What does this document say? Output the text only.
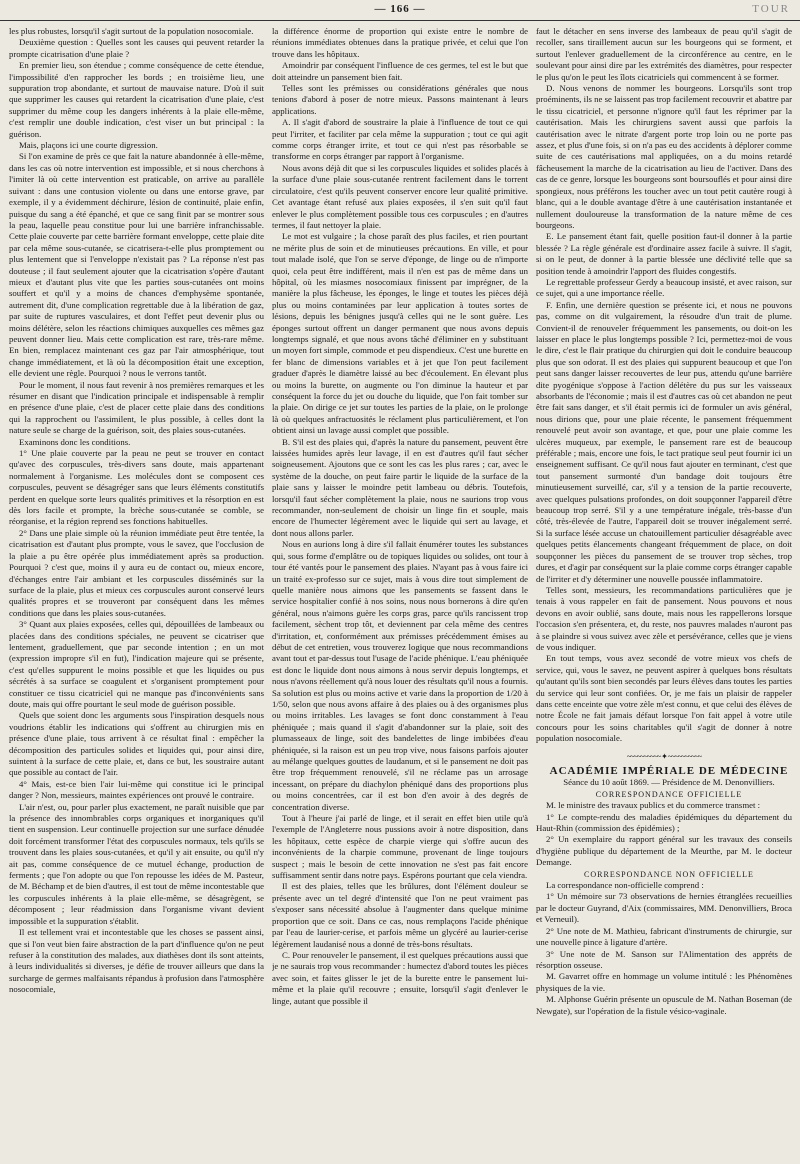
— 166 —	TOUR

les plus robustes, lorsqu'il s'agit surtout de la population nosocomiale.

Deuxième question : Quelles sont les causes qui peuvent retarder la prompte cicatrisation d'une plaie ?

En premier lieu, son étendue ; comme conséquence de cette étendue, l'impossibilité d'en rapprocher les bords ; en troisième lieu, une suppuration trop abondante, et surtout de mauvaise nature. D'où il suit que supprimer les causes qui retardent la cicatrisation d'une plaie, c'est supprimer du même coup les dangers inhérents à la plaie elle-même, c'est remplir une double indication, c'est viser un but principal : la guérison.

Mais, plaçons ici une courte digression.

Si l'on examine de près ce que fait la nature abandonnée à elle-même, dans les cas où notre intervention est impossible, et si nous cherchons à l'imiter là où cette intervention est praticable, on arrive au parallèle suivant : dans une contusion violente ou dans une entorse grave, par exemple, il y a évidemment déchirure, lésion de continuité, plaie enfin, puisque du sang a été épanché, et que ce sang finit par se montrer sous la peau, laquelle peau constitue pour lui une barrière infranchissable. Cette plaie couverte par cette barrière formant enveloppe, cette plaie dite par cela même sous-cutanée, se cicatrisera-t-elle plus promptement ou plus lentement que si l'enveloppe n'existait pas ? La réponse n'est pas douteuse ; il faut seulement ajouter que la cicatrisation s'opère d'autant mieux et d'autant plus vite que les parties sous-cutanées ont moins souffert et qu'il y a moins de chances d'emphysème spontanée, autrement dit, d'une complication regrettable due à la libération de gaz, par suite de ruptures vasculaires, et dont l'effet peut devenir plus ou moins délétère, selon les réactions chimiques auxquelles ces mêmes gaz peuvent donner lieu. Mais cette complication est rare, très-rare même. En bien, remplacez maintenant ces gaz par l'air atmosphérique, tout change immédiatement, et là où la décomposition était une exception, elle devient une règle. Pourquoi ? nous le verrons tantôt.

Pour le moment, il nous faut revenir à nos premières remarques et les résumer en disant que l'indication principale et indispensable à remplir en présence d'une plaie, c'est de placer cette plaie dans des conditions qui la rapprochent ou l'assimilent, le plus possible, à celles dont la nature seule se charge de la guérison, soit, des plaies sous-cutanées.

Examinons donc les conditions.

1° Une plaie couverte par la peau ne peut se trouver en contact qu'avec des corpuscules, très-divers sans doute, mais appartenant normalement à l'organisme. Les molécules dont se composent ces corpuscules, peuvent se désagréger sans que leurs éléments constitutifs perdent en quelque sorte leurs qualités primitives et la résorption en est dès lors facile et prompte, la brèche sous-cutanée se comble, se réorganise, et la région reprend ses fonctions habituelles.

2° Dans une plaie simple où la réunion immédiate peut être tentée, la cicatrisation est d'autant plus prompte, vous le savez, que l'occlusion de la plaie a pu être opérée plus immédiatement après sa production. Pourquoi ? c'est que, moins il y aura eu de contact ou, mieux encore, d'échanges entre l'air ambiant et les corpuscules disséminés sur la surface de la plaie, plus et mieux ces corpuscules auront conservé leurs qualités propres et se trouveront par conséquent dans les mêmes conditions que dans les plaies sous-cutanées.

3° Quant aux plaies exposées, celles qui, dépouillées de lambeaux ou placées dans des conditions spéciales, ne peuvent se cicatriser que lentement, graduellement, que par seconde intention ; en un mot (expression impropre s'il en fut), l'indication majeure qui se présente, c'est qu'elles suppurent le moins possible et que les liquides ou pus sécrétés à sa surface se coagulent et s'organisent promptement pour constituer ce tissu cicatriciel qui ne manque pas d'inconvénients sans doute, mais qui offre pourtant le seul mode de guérison possible.

Quels que soient donc les arguments sous l'inspiration desquels nous voudrions établir les indications qui s'offrent au chirurgien mis en présence d'une plaie, tous arrivent à ce résultat final : empêcher la décomposition des particules solides et liquides qui, pour ainsi dire, suintent à la surface de cette plaie, et, dans ce but, les soustraire autant que possible au contact de l'air.

4° Mais, est-ce bien l'air lui-même qui constitue ici le principal danger ? Non, messieurs, maintes expériences ont prouvé le contraire.

L'air n'est, ou, pour parler plus exactement, ne paraît nuisible que par la présence des innombrables corps organiques et inorganiques qu'il tient en suspension. Leur continuelle projection sur une surface dénudée doit forcément transformer l'état des corpuscules normaux, tels qu'ils se trouvent dans les plaies sous-cutanées, et qu'il y ait ensuite, ou qu'il n'y ait pas, comme conséquence de ce mutuel échange, production de ferments ; que l'on adopte ou que l'on repousse les idées de M. Pasteur, de M. Béchamp et de bien d'autres, il est tout de même incontestable que les corpuscules inhérents à la plaie elle-même, se désagrègent, se décomposent ; leur réadmission dans l'organisme vivant devient impossible et la suppuration s'établit.

Il est tellement vrai et incontestable que les choses se passent ainsi, que si l'on veut bien faire abstraction de la part d'influence qu'on ne peut refuser à la constitution des malades, aux diathèses dont ils sont atteints, à leurs individualités si diverses, je défie de trouver ailleurs que dans la surcharge de germes malfaisants répandus à profusion dans l'atmosphère nosocomiale,

la différence énorme de proportion qui existe entre le nombre de réunions immédiates obtenues dans la pratique privée, et celui que l'on trouve dans les hôpitaux.

Amoindrir par conséquent l'influence de ces germes, tel est le but que doit atteindre un pansement bien fait.

Telles sont les prémisses ou considérations générales que nous tenions d'abord à poser de notre mieux. Passons maintenant à leurs applications.

A. Il s'agit d'abord de soustraire la plaie à l'influence de tout ce qui peut l'irriter, et faciliter par cela même la suppuration ; tout ce qui agit comme corps étranger irrite, et tout ce qui n'est pas résorbable se transforme en corps étranger par rapport à l'organisme.

Nous avons déjà dit que si les corpuscules liquides et solides placés à la surface d'une plaie sous-cutanée rentrent facilement dans le torrent circulatoire, c'est qu'ils peuvent conserver encore leur qualité primitive. Cet avantage étant refusé aux plaies exposées, il s'en suit qu'il faut enlever le plus complètement possible tous ces corpuscules ; en d'autres termes, il faut nettoyer la plaie.

Le mot est vulgaire ; la chose paraît des plus faciles, et rien pourtant ne mérite plus de soin et de minutieuses précautions. En ville, et pour tout malade isolé, que l'on se serve d'éponge, de linge ou de n'importe quoi, cela peut être indifférent, mais il n'en est pas de même dans un hôpital, où les miasmes nosocomiaux finissent par imprégner, de la manière la plus fâcheuse, les éponges, le linge et toutes les pièces déjà plus ou moins contaminées par leur application à toutes sortes de lésions, depuis les bénignes jusqu'à celles qui ne le sont guère. Les éponges surtout offrent un danger permanent que nous avons depuis longtemps signalé, et que nous avons tâché d'éliminer en y substituant un moyen fort simple, commode et peu dispendieux. C'est une burette en fer blanc de dimensions variables et à jet que l'on peut facilement graduer d'après le diamètre laissé au bec d'écoulement. En élevant plus ou moins la burette, on augmente ou l'on diminue la hauteur et par conséquent la force du jet ou douche du liquide, que l'on fait tomber sur la plaie. On dirige ce jet sur toutes les parties de la plaie, on le prolonge là où quelques anfractuosités le réclament plus particulièrement, et l'on obtient ainsi un lavage aussi complet que possible.

B. S'il est des plaies qui, d'après la nature du pansement, peuvent être laissées humides après leur lavage, il en est d'autres qu'il faut sécher soigneusement. Ajoutons que ce sont les cas les plus rares ; car, avec le système de la douche, on peut faire partir le liquide de la surface de la plaie sans y laisser le moindre petit lambeau ou débris. Toutefois, lorsqu'il faut sécher complètement la plaie, nous ne saurions trop vous recommander, non-seulement de choisir un linge fin et souple, mais encore de l'humecter légèrement avec le liquide qui sert au lavage, et dont nous allons parler.

Nous en aurions long à dire s'il fallait énumérer toutes les substances qui, sous forme d'emplâtre ou de topiques liquides ou solides, ont tour à tour été vantés pour le pansement des plaies. N'ayant pas à vous faire ici un traité ex-professo sur ce sujet, mais à vous dire tout simplement de quelle manière nous aimons que les pansements se fassent dans le service hospitalier confié à nos soins, nous nous bornerons à dire qu'en général, nous n'aimons guère les corps gras, parce qu'ils rancissent trop facilement, sèchent trop tôt, et deviennent par cela même des centres d'irritation, et, conformément aux prémisses précédemment émises au début de cet entretien, vous trouverez logique que nous recommandions avant tout et par-dessus tout l'usage de l'acide phénique. L'eau phéniquée est donc le liquide dont nous aimons à nous servir depuis longtemps, et nous n'avons réellement qu'à nous louer des résultats qu'il nous a fournis. Sa solution est plus ou moins active et varie dans la proportion de 1/20 à 1/50, selon que nous avons affaire à des plaies ou à des organismes plus ou moins irritables. Les lavages se font donc constamment à l'eau phéniquée ; mais quand il s'agit d'abandonner sur la plaie, soit des plumasseaux de linge, soit des bandelettes de linge imbibées d'eau phéniquée, si la raison est un peu trop vive, nous faisons parfois ajouter au mélange quelques gouttes de laudanum, et si le pansement ne doit pas être trop fréquemment renouvelé, s'il ne réclame pas un arrosage incessant, on prépare du diachylon phéniqué dans des proportions plus ou moins concentrées, car il est bon d'en avoir à des degrés de concentration diverse.

Tout à l'heure j'ai parlé de linge, et il serait en effet bien utile qu'à l'exemple de l'Angleterre nous pussions avoir à notre disposition, dans les hôpitaux, cette espèce de charpie vierge qui s'offre aucun des inconvénients de la charpie commune, provenant de linge toujours suspect ; mais le besoin de cette innovation ne s'est pas fait encore suffisamment sentir dans notre pays. Espérons pourtant que cela viendra.

Il est des plaies, telles que les brûlures, dont l'élément douleur se présente avec un tel degré d'intensité que l'on ne peut vraiment pas s'exposer sans nécessité absolue à l'augmenter dans quelque minime proportion que ce soit. Dans ce cas, nous remplaçons l'acide phénique par l'eau de laurier-cerise, et parfois même un glycéré au laurier-cerise légèrement laudanisé nous a donné de très-bons résultats.

C. Pour renouveler le pansement, il est quelques précautions aussi que je ne saurais trop vous recommander : humectez d'abord toutes les pièces avec soin, et faites glisser le jet de la burette entre le pansement lui-même et la plaie qu'il recouvre ; ensuite, lorsqu'il s'agit d'enlever le linge, autant que possible il

faut le détacher en sens inverse des lambeaux de peau qu'il s'agit de recoller, sans tiraillement aucun sur les bourgeons qui se forment, et surtout l'enlever graduellement de la circonférence au centre, en le soulevant pour ainsi dire par les extrémités des diamètres, pour respecter le plus qu'on le peut les îlots cicatriciels qui commencent à se former.

D. Nous venons de nommer les bourgeons. Lorsqu'ils sont trop proéminents, ils ne se laissent pas trop facilement recouvrir et abattre par le tissu cicatriciel, et personne n'ignore qu'il faut les réprimer par la cautérisation. Mais les chirurgiens savent aussi que parfois la cautérisation avec le nitrate d'argent porte trop loin ou ne porte pas assez, et plus d'une fois, si on n'a pas eu des accidents à déplorer comme suite de ces cautérisations mal appliquées, on a du moins retardé fâcheusement la marche de la cicatrisation au lieu de l'activer. Dans des cas de ce genre, lorsque les bourgeons sont boursouflés et pour ainsi dire spongieux, nous préférons les toucher avec un tout petit cautère rougi à blanc, qui a le double avantage d'être à une cautérisation instantanée et nullement douloureuse la transformation de la nature même de ces bourgeons.

E. Le pansement étant fait, quelle position faut-il donner à la partie blessée ? La règle générale est d'ordinaire assez facile à suivre. Il s'agit, si on le peut, de donner à la partie blessée une déclivité telle que sa position tende à amoindrir l'apport des fluides congestifs.

Le regrettable professeur Gerdy a beaucoup insisté, et avec raison, sur ce sujet, qui a une importance réelle.

F. Enfin, une dernière question se présente ici, et nous ne pouvons pas, comme on dit vulgairement, la résoudre d'un trait de plume. Convient-il de renouveler fréquemment les pansements, ou doit-on les laisser en place le plus longtemps possible ? Ici, permettez-moi de vous le dire, c'est le flair pratique du chirurgien qui doit le conduire beaucoup plus que son odorat. Il est des plaies qui suppurent beaucoup et que l'on peut sans danger laisser recouvertes de leur pus, attendu qu'une barrière dite pyogénique s'oppose à l'action délétère du pus sur les vaisseaux absorbants de l'économie ; mais il est d'autres cas où cet abandon ne peut être fait sans danger, et s'il était permis ici de formuler un avis général, nous dirions que, pour une plaie récente, le pansement fréquemment renouvelé peut avoir son avantage, et que, pour une plaie comme les ulcères muqueux, par exemple, le pansement rare est de beaucoup préférable ; mais, encore une fois, le tact pratique seul peut fournir ici un enseignement suffisant. Ce qu'il nous faut ajouter en terminant, c'est que tout pansement surmonté d'un bandage doit toujours être minutieusement surveillé, car, s'il y a tension de la partie recouverte, avec quelques pulsations profondes, on doit soupçonner l'appareil d'être beaucoup trop serré. S'il y a une température inégale, très-basse d'un côté, très-élevée de l'autre, l'appareil doit se trouver inégalement serré. Si la surface lésée accuse un chatouillement particulier désagréable avec quelques petits élancements changeant fréquemment de place, on doit soupçonner les pièces du pansement de se trouver trop sèches, trop dures, et d'agir par conséquent sur la plaie comme corps étranger capable de l'irriter et d'y déterminer une nouvelle poussée inflammatoire.

Telles sont, messieurs, les recommandations particulières que je tenais à vous rappeler en fait de pansement. Nous pouvons et nous devons en avoir oublié, sans doute, mais nous les rappellerons lorsque l'occasion s'en présentera, et, du reste, nos pauvres malades n'auront pas à se plaindre si vous suivez avec zèle et persévérance, celles que je viens de vous indiquer.

En tout temps, vous avez secondé de votre mieux vos chefs de service, qui, vous le savez, ne peuvent aspirer à quelques bons résultats qu'autant qu'ils sont bien secondés par leurs élèves dans toutes les parties du service qui leur sont confiées. Or, je me fais un plaisir de rappeler dans cette enceinte que votre zèle m'est connu, et que celui des élèves de notre École ne fait jamais défaut lorsque l'on fait appel à votre utile concours pour les soins charitables qu'il s'agit de donner à notre population nosocomiale.

~~~~~~~~~~ ✦ ~~~~~~~~~~

ACADÉMIE IMPÉRIALE DE MÉDECINE

Séance du 10 août 1869. — Présidence de M. Denonvilliers.

CORRESPONDANCE OFFICIELLE

M. le ministre des travaux publics et du commerce transmet :

1° Le compte-rendu des maladies épidémiques du département du Haut-Rhin (commission des épidémies) ;

2° Un exemplaire du rapport général sur les travaux des conseils d'hygiène publique du département de la Meurthe, par M. le docteur Demange.

CORRESPONDANCE NON OFFICIELLE

La correspondance non-officielle comprend :

1° Un mémoire sur 73 observations de hernies étranglées recueillies par le docteur Guyrand, d'Aix (commissaires, MM. Denonvilliers, Broca et Verneuil).

2° Une note de M. Mathieu, fabricant d'instruments de chirurgie, sur une nouvelle pince à ligature d'artère.

3° Une note de M. Sanson sur l'Alimentation des appréts de résorption osseuse.

M. Gavarret offre en hommage un volume intitulé : les Phénomènes physiques de la vie.

M. Alphonse Guérin présente un opuscule de M. Nathan Boseman (de Newgate), sur l'opération de la fistule vésico-vaginale.
